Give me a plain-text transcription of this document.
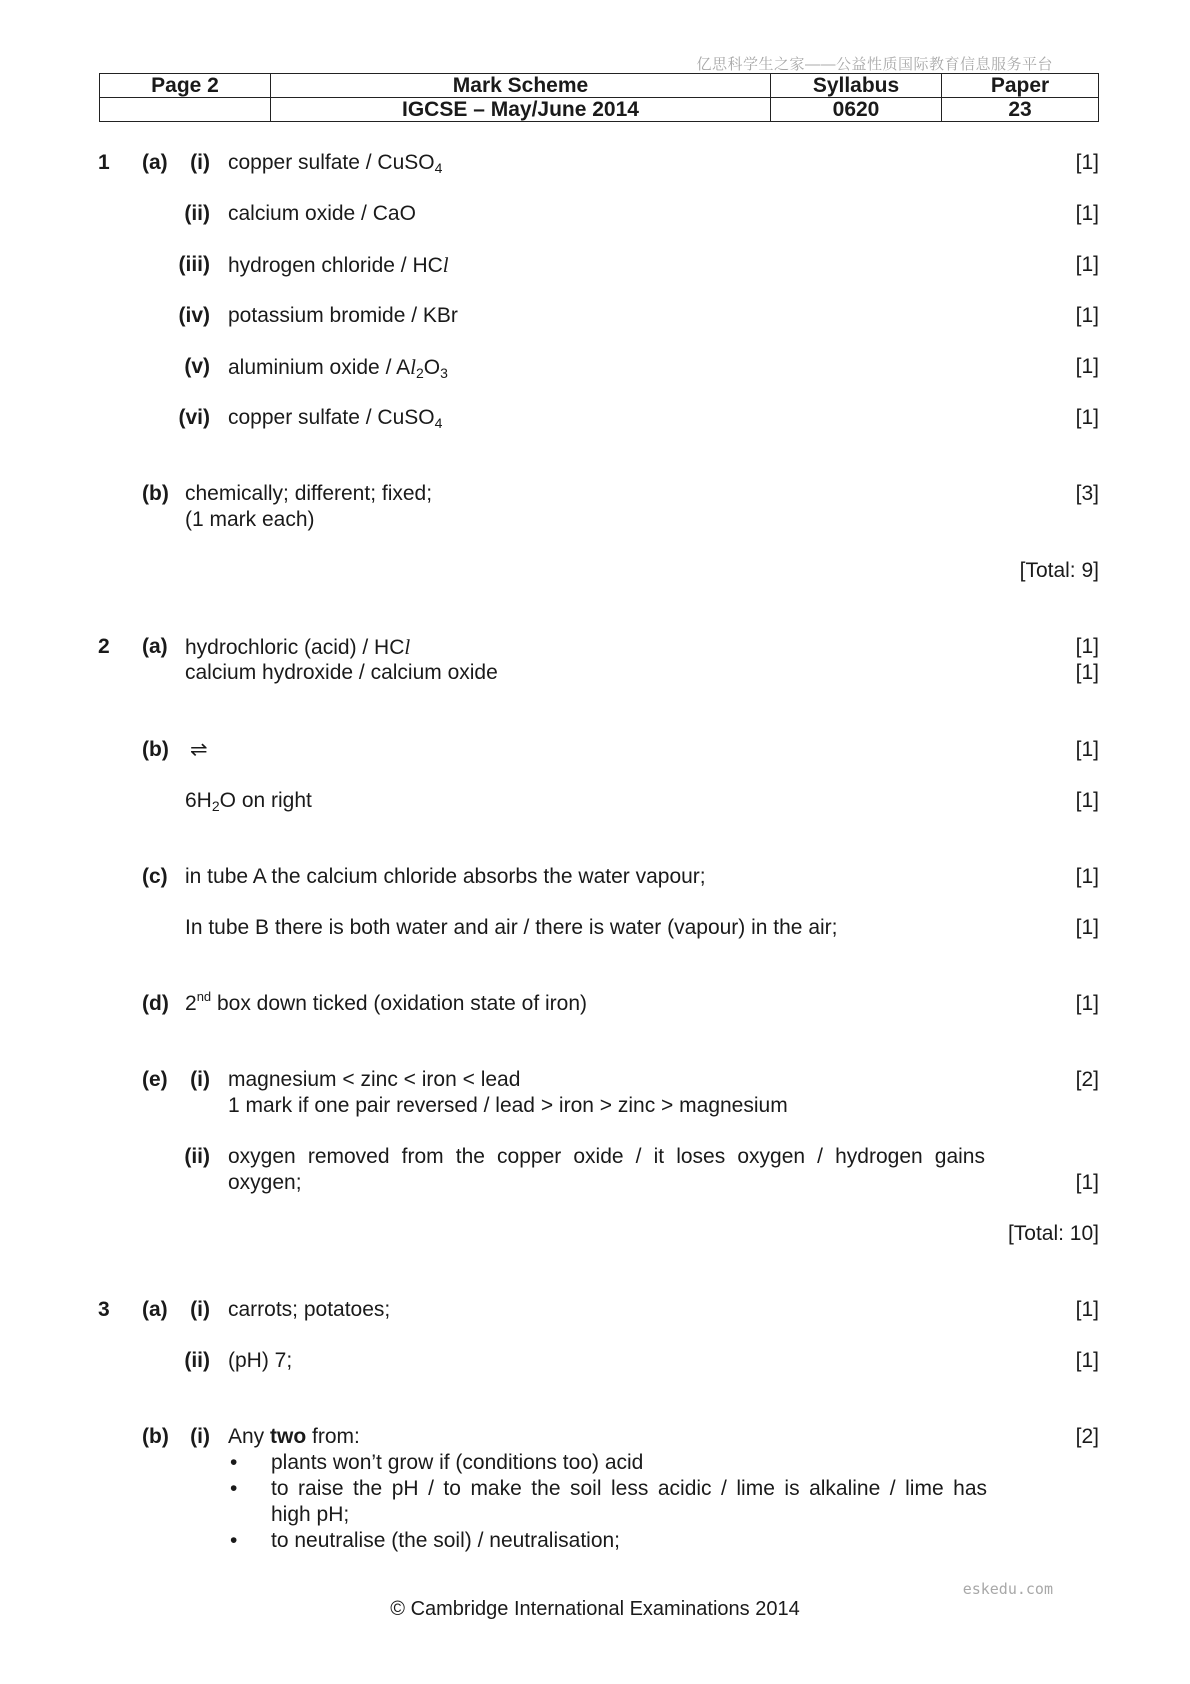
亿思科学生之家——公益性质国际教育信息服务平台
Page 2	Mark Scheme	Syllabus	Paper
	IGCSE – May/June 2014	0620	23
1 (a)	(i) copper sulfate / CuSO$_4$	[1]
(ii) calcium oxide / CaO	[1]
(iii) hydrogen chloride / HCl	[1]
(iv) potassium bromide / KBr	[1]
(v) aluminium oxide / $Al_2O_3$	[1]
(vi) copper sulfate / CuSO$_4$	[1]
(b) chemically; different; fixed;	[3]
(1 mark each)
[Total: 9]
2 (a) hydrochloric (acid) / HCl	[1]
calcium hydroxide / calcium oxide	[1]
(b) ⇌	[1]
$6H_2O$ on right	[1]
(c) in tube A the calcium chloride absorbs the water vapour;	[1]
In tube B there is both water and air / there is water (vapour) in the air;	[1]
(d) 2nd box down ticked (oxidation state of iron)	[1]
(e)	(i) magnesium < zinc < iron < lead	[2]
1 mark if one pair reversed / lead > iron > zinc > magnesium
(ii) oxygen removed from the copper oxide / it loses oxygen / hydrogen gains
oxygen;	[1]
[Total: 10]
3 (a)	(i) carrots; potatoes;	[1]
(ii) (pH) 7;	[1]
(b)	(i) Any two from:	[2]
• plants won’t grow if (conditions too) acid
• to raise the pH / to make the soil less acidic / lime is alkaline / lime has
high pH;
• to neutralise (the soil) / neutralisation;
eskedu.com
© Cambridge International Examinations 2014
